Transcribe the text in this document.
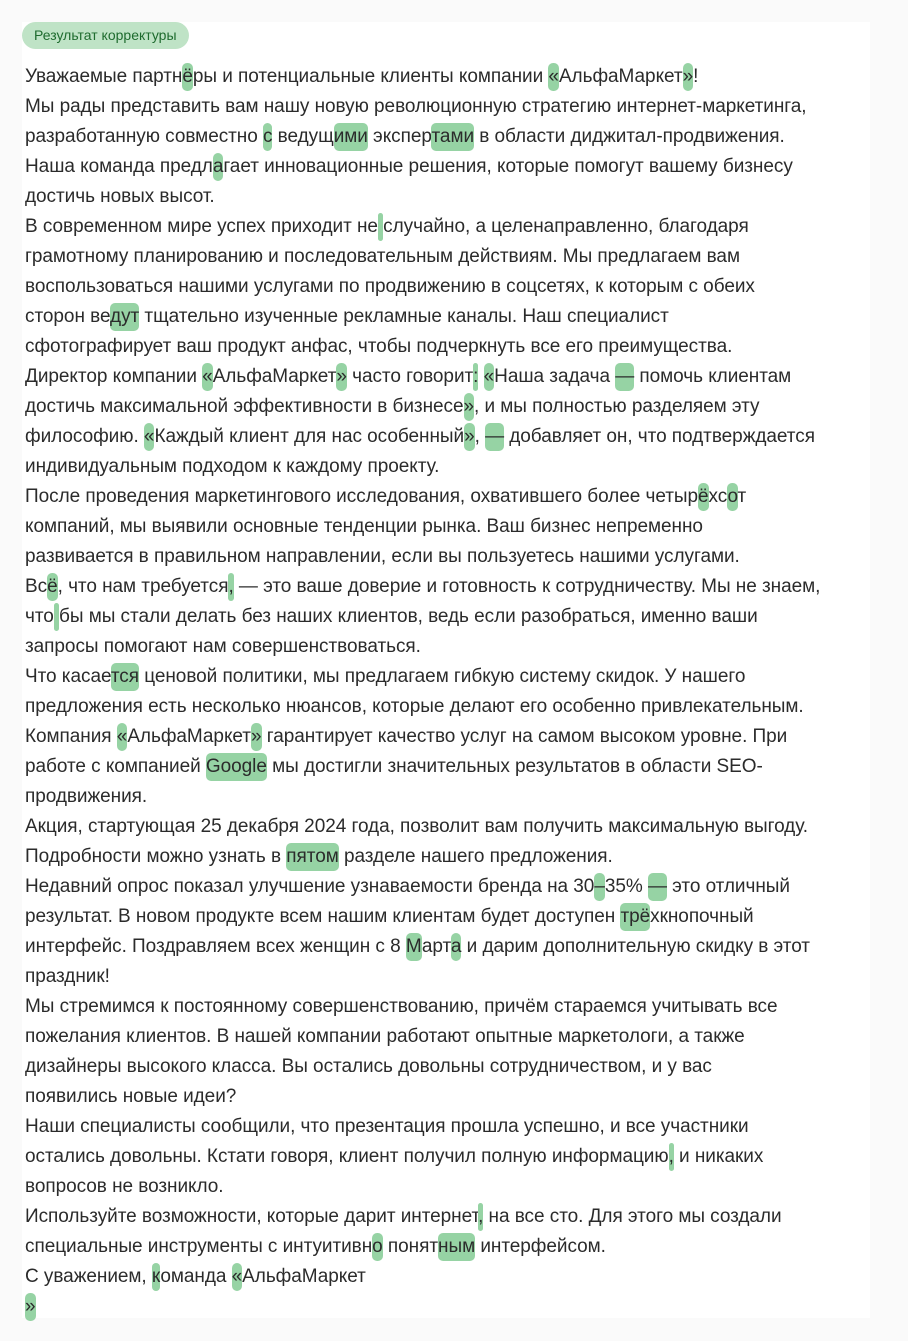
Результат корректуры
Уважаемые партнёры и потенциальные клиенты компании «АльфаМаркет»!
Мы рады представить вам нашу новую революционную стратегию интернет-маркетинга,
разработанную совместно с ведущими экспертами в области диджитал-продвижения.
Наша команда предлагает инновационные решения, которые помогут вашему бизнесу
достичь новых высот.
В современном мире успех приходит не случайно, а целенаправленно, благодаря
грамотному планированию и последовательным действиям. Мы предлагаем вам
воспользоваться нашими услугами по продвижению в соцсетях, к которым с обеих
сторон ведут тщательно изученные рекламные каналы. Наш специалист
сфотографирует ваш продукт анфас, чтобы подчеркнуть все его преимущества.
Директор компании «АльфаМаркет» часто говорит: «Наша задача — помочь клиентам
достичь максимальной эффективности в бизнесе», и мы полностью разделяем эту
философию. «Каждый клиент для нас особенный», — добавляет он, что подтверждается
индивидуальным подходом к каждому проекту.
После проведения маркетингового исследования, охватившего более четырёхсот
компаний, мы выявили основные тенденции рынка. Ваш бизнес непременно
развивается в правильном направлении, если вы пользуетесь нашими услугами.
Всё, что нам требуется, — это ваше доверие и готовность к сотрудничеству. Мы не знаем,
что бы мы стали делать без наших клиентов, ведь если разобраться, именно ваши
запросы помогают нам совершенствоваться.
Что касается ценовой политики, мы предлагаем гибкую систему скидок. У нашего
предложения есть несколько нюансов, которые делают его особенно привлекательным.
Компания «АльфаМаркет» гарантирует качество услуг на самом высоком уровне. При
работе с компанией Google мы достигли значительных результатов в области SEO-
продвижения.
Акция, стартующая 25 декабря 2024 года, позволит вам получить максимальную выгоду.
Подробности можно узнать в пятом разделе нашего предложения.
Недавний опрос показал улучшение узнаваемости бренда на 30–35% — это отличный
результат. В новом продукте всем нашим клиентам будет доступен трёхкнопочный
интерфейс. Поздравляем всех женщин с 8 Марта и дарим дополнительную скидку в этот
праздник!
Мы стремимся к постоянному совершенствованию, причём стараемся учитывать все
пожелания клиентов. В нашей компании работают опытные маркетологи, а также
дизайнеры высокого класса. Вы остались довольны сотрудничеством, и у вас
появились новые идеи?
Наши специалисты сообщили, что презентация прошла успешно, и все участники
остались довольны. Кстати говоря, клиент получил полную информацию, и никаких
вопросов не возникло.
Используйте возможности, которые дарит интернет, на все сто. Для этого мы создали
специальные инструменты с интуитивно понятным интерфейсом.
С уважением, команда «АльфаМаркет
»
